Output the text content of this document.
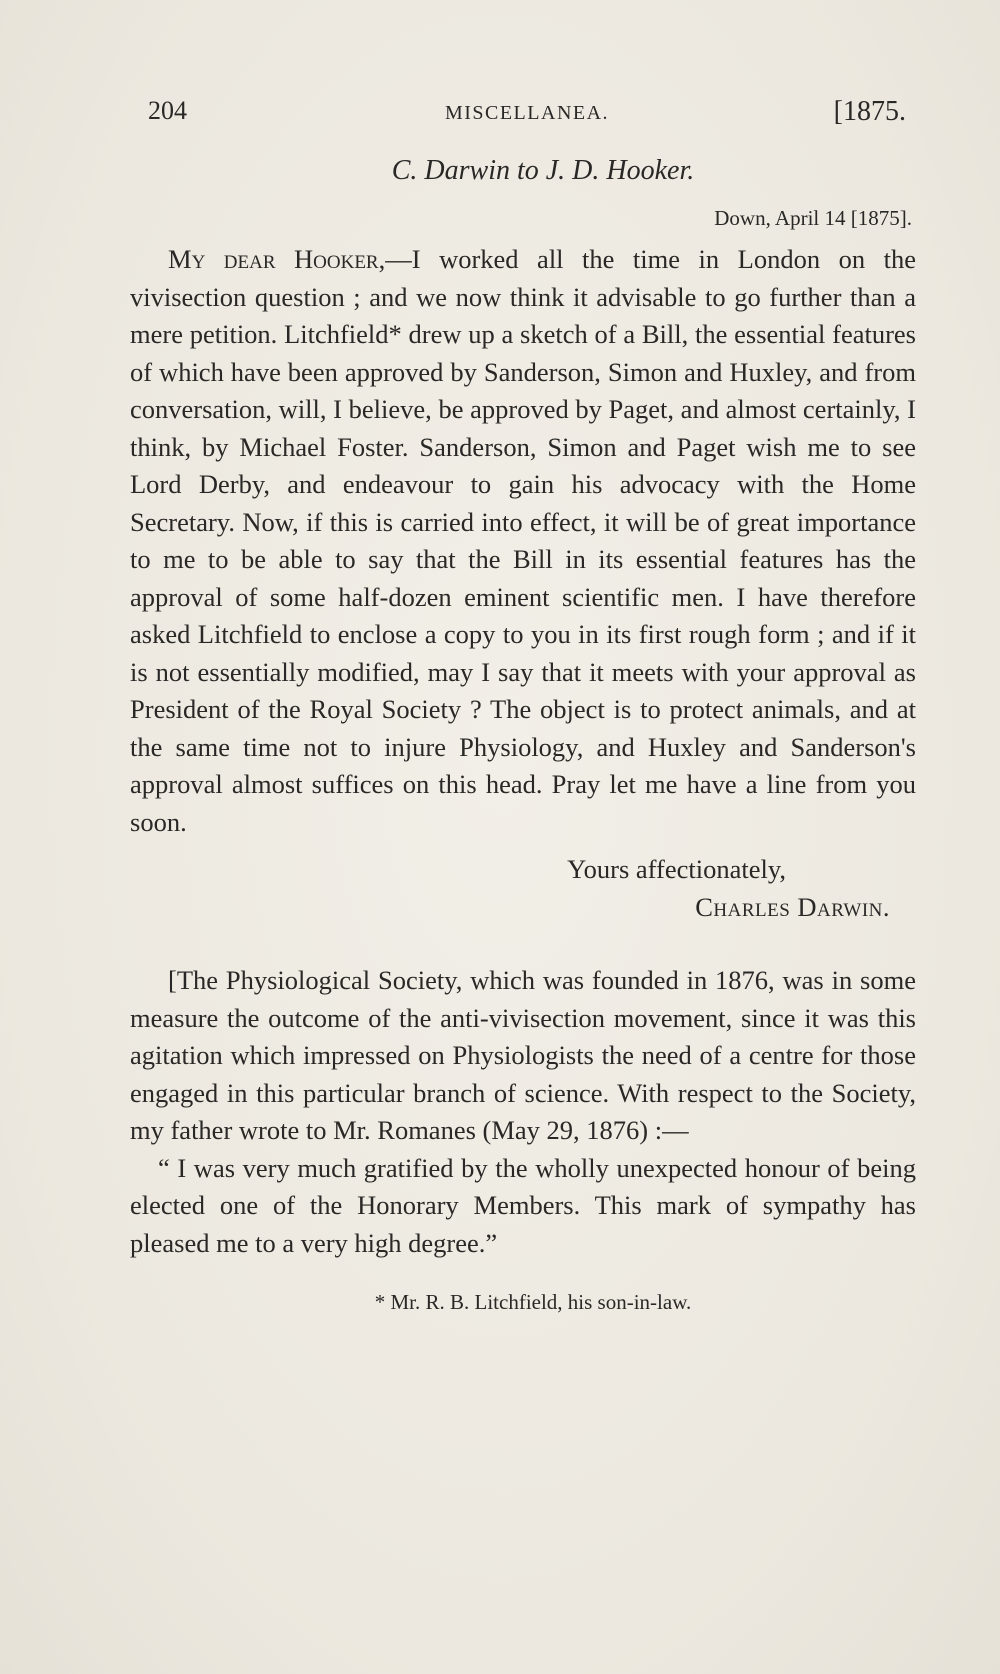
204	MISCELLANEA.	[1875.
C. Darwin to J. D. Hooker.
Down, April 14 [1875].

My dear Hooker,—I worked all the time in London on the vivisection question ; and we now think it advisable to go further than a mere petition. Litchfield* drew up a sketch of a Bill, the essential features of which have been approved by Sanderson, Simon and Huxley, and from conversation, will, I believe, be approved by Paget, and almost certainly, I think, by Michael Foster. Sanderson, Simon and Paget wish me to see Lord Derby, and endeavour to gain his advocacy with the Home Secretary. Now, if this is carried into effect, it will be of great importance to me to be able to say that the Bill in its essential features has the approval of some half-dozen eminent scientific men. I have therefore asked Litchfield to enclose a copy to you in its first rough form ; and if it is not essentially modified, may I say that it meets with your approval as President of the Royal Society ? The object is to protect animals, and at the same time not to injure Physiology, and Huxley and Sanderson's approval almost suffices on this head. Pray let me have a line from you soon.

Yours affectionately,
Charles Darwin.

[The Physiological Society, which was founded in 1876, was in some measure the outcome of the anti-vivisection movement, since it was this agitation which impressed on Physiologists the need of a centre for those engaged in this particular branch of science. With respect to the Society, my father wrote to Mr. Romanes (May 29, 1876) :—

“ I was very much gratified by the wholly unexpected honour of being elected one of the Honorary Members. This mark of sympathy has pleased me to a very high degree.”

* Mr. R. B. Litchfield, his son-in-law.
